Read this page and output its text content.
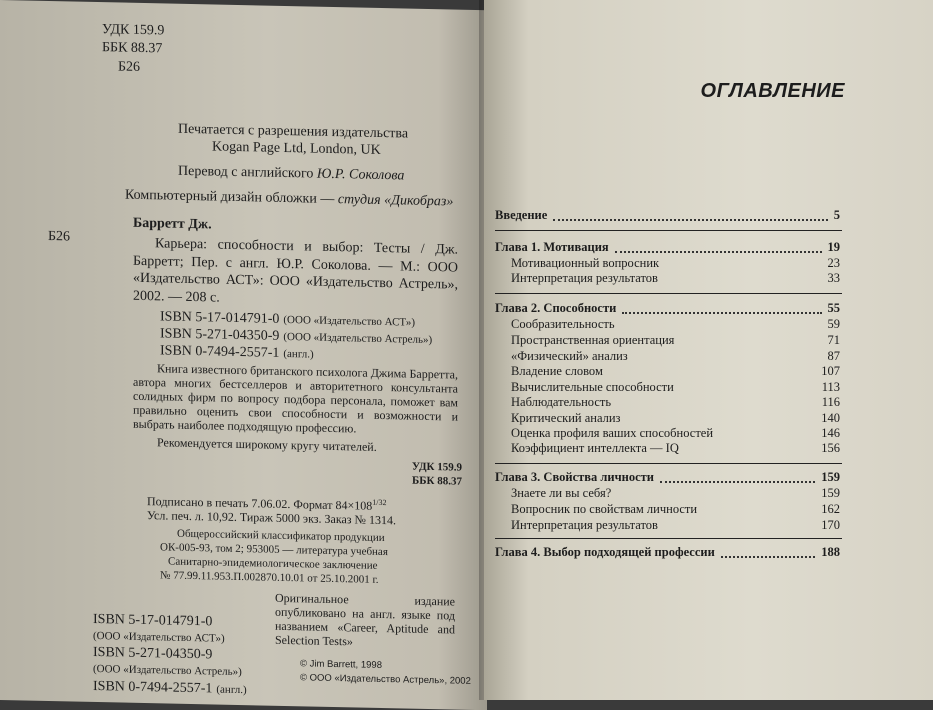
УДК 159.9
ББК 88.37
Б26
Печатается с разрешения издательства
Kogan Page Ltd, London, UK
Перевод с английского Ю.Р. Соколова
Компьютерный дизайн обложки — студия «Дикобраз»
Б26
Барретт Дж.
Карьера: способности и выбор: Тесты / Дж. Барретт; Пер. с англ. Ю.Р. Соколова. — М.: ООО «Издательство АСТ»: ООО «Издательство Астрель», 2002. — 208 с.
ISBN 5-17-014791-0 (ООО «Издательство АСТ»)
ISBN 5-271-04350-9 (ООО «Издательство Астрель»)
ISBN 0-7494-2557-1 (англ.)
Книга известного британского психолога Джима Барретта, автора многих бестселлеров и авторитетного консультанта солидных фирм по вопросу подбора персонала, поможет вам правильно оценить свои способности и возможности и выбрать наиболее подходящую профессию.
Рекомендуется широкому кругу читателей.
УДК 159.9
ББК 88.37
Подписано в печать 7.06.02. Формат $84\times 108^{1/32}$
Усл. печ. л. 10,92. Тираж 5000 экз. Заказ № 1314.
Общероссийский классификатор продукции
ОК-005-93, том 2; 953005 — литература учебная
Санитарно-эпидемиологическое заключение
№ 77.99.11.953.П.002870.10.01 от 25.10.2001 г.
Оригинальное издание опубликовано на англ. языке под названием «Career, Aptitude and Selection Tests»
ISBN 5-17-014791-0
(ООО «Издательство АСТ»)
ISBN 5-271-04350-9
(ООО «Издательство Астрель»)
ISBN 0-7494-2557-1 (англ.)
© Jim Barrett, 1998
© ООО «Издательство Астрель», 2002
ОГЛАВЛЕНИЕ
Введение	5
Глава 1. Мотивация	19
Мотивационный вопросник	23
Интерпретация результатов	33
Глава 2. Способности	55
Сообразительность	59
Пространственная ориентация	71
«Физический» анализ	87
Владение словом	107
Вычислительные способности	113
Наблюдательность	116
Критический анализ	140
Оценка профиля ваших способностей	146
Коэффициент интеллекта — IQ	156
Глава 3. Свойства личности	159
Знаете ли вы себя?	159
Вопросник по свойствам личности	162
Интерпретация результатов	170
Глава 4. Выбор подходящей профессии	188
